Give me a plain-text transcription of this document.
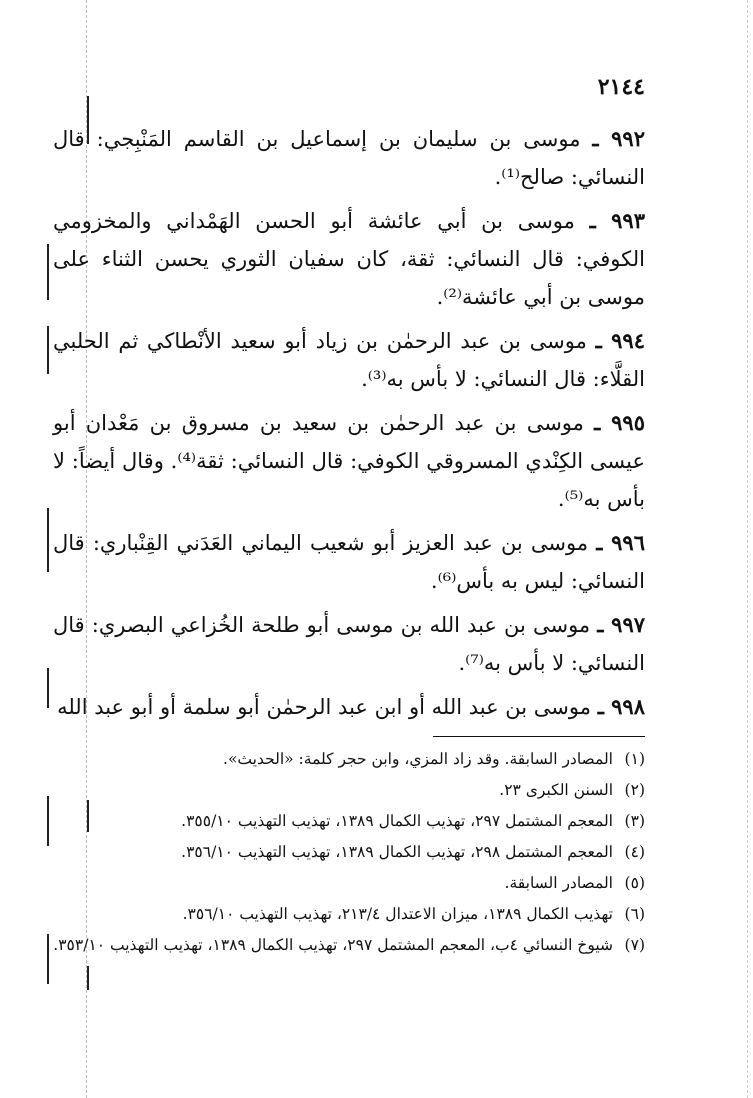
٢١٤٤

٩٩٢ ـ موسى بن سليمان بن إسماعيل بن القاسم المَنْبِجي: قال النسائي: صالح⁽¹⁾.

٩٩٣ ـ موسى بن أبي عائشة أبو الحسن الهَمْداني والمخزومي الكوفي: قال النسائي: ثقة، كان سفيان الثوري يحسن الثناء على موسى بن أبي عائشة⁽²⁾.

٩٩٤ ـ موسى بن عبد الرحمٰن بن زياد أبو سعيد الأنْطاكي ثم الحلبي القلَّاء: قال النسائي: لا بأس به⁽³⁾.

٩٩٥ ـ موسى بن عبد الرحمٰن بن سعيد بن مسروق بن مَعْدان أبو عيسى الكِنْدي المسروقي الكوفي: قال النسائي: ثقة⁽⁴⁾. وقال أيضاً: لا بأس به⁽⁵⁾.

٩٩٦ ـ موسى بن عبد العزيز أبو شعيب اليماني العَدَني القِنْباري: قال النسائي: ليس به بأس⁽⁶⁾.

٩٩٧ ـ موسى بن عبد الله بن موسى أبو طلحة الخُزاعي البصري: قال النسائي: لا بأس به⁽⁷⁾.

٩٩٨ ـ موسى بن عبد الله أو ابن عبد الرحمٰن أبو سلمة أو أبو عبد الله

(١)
المصادر السابقة. وقد زاد المزي، وابن حجر كلمة: «الحديث».

(٢)
السنن الكبرى ٢٣.

(٣)
المعجم المشتمل ٢٩٧، تهذيب الكمال ١٣٨٩، تهذيب التهذيب ٣٥٥/١٠.

(٤)
المعجم المشتمل ٢٩٨، تهذيب الكمال ١٣٨٩، تهذيب التهذيب ٣٥٦/١٠.

(٥)
المصادر السابقة.

(٦)
تهذيب الكمال ١٣٨٩، ميزان الاعتدال ٢١٣/٤، تهذيب التهذيب ٣٥٦/١٠.

(٧)
شيوخ النسائي ٤ب، المعجم المشتمل ٢٩٧، تهذيب الكمال ١٣٨٩، تهذيب التهذيب ٣٥٣/١٠.
